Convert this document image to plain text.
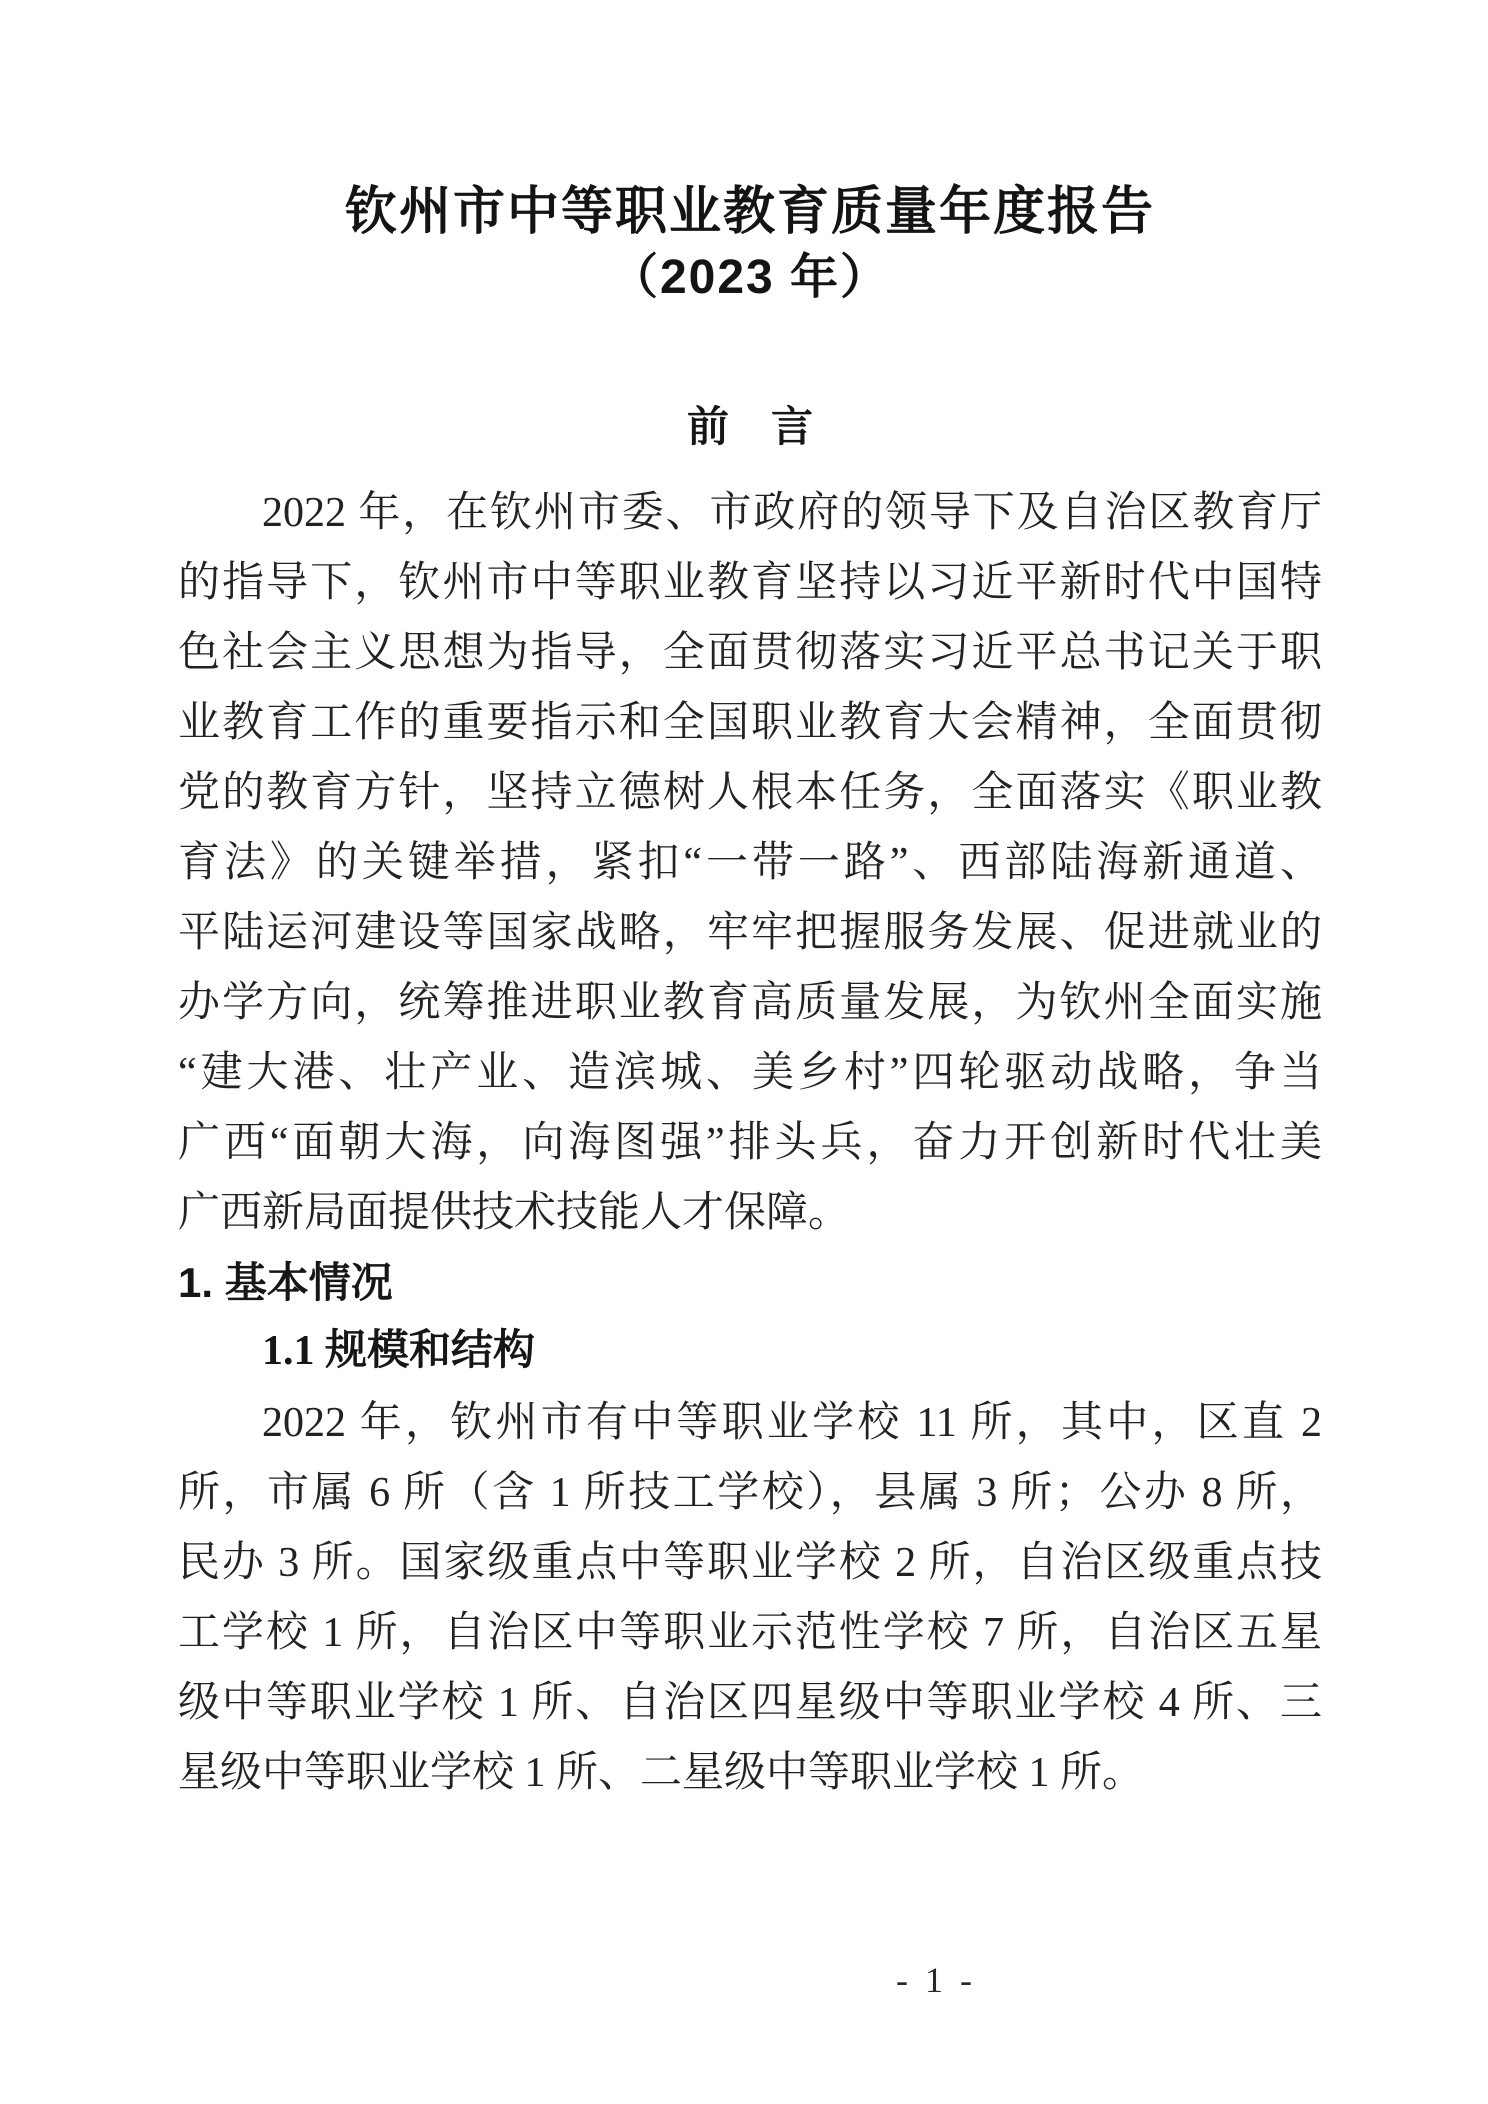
钦州市中等职业教育质量年度报告
（2023 年）
前　言
2022 年，在钦州市委、市政府的领导下及自治区教育厅
的指导下，钦州市中等职业教育坚持以习近平新时代中国特
色社会主义思想为指导，全面贯彻落实习近平总书记关于职
业教育工作的重要指示和全国职业教育大会精神，全面贯彻
党的教育方针，坚持立德树人根本任务，全面落实《职业教
育法》的关键举措，紧扣“一带一路”、西部陆海新通道、
平陆运河建设等国家战略，牢牢把握服务发展、促进就业的
办学方向，统筹推进职业教育高质量发展，为钦州全面实施
“建大港、壮产业、造滨城、美乡村”四轮驱动战略，争当
广西“面朝大海，向海图强”排头兵，奋力开创新时代壮美
广西新局面提供技术技能人才保障。
1. 基本情况
1.1 规模和结构
2022 年，钦州市有中等职业学校 11 所，其中，区直 2
所，市属 6 所（含 1 所技工学校），县属 3 所；公办 8 所，
民办 3 所。国家级重点中等职业学校 2 所，自治区级重点技
工学校 1 所，自治区中等职业示范性学校 7 所，自治区五星
级中等职业学校 1 所、自治区四星级中等职业学校 4 所、三
星级中等职业学校 1 所、二星级中等职业学校 1 所。
- 1 -
